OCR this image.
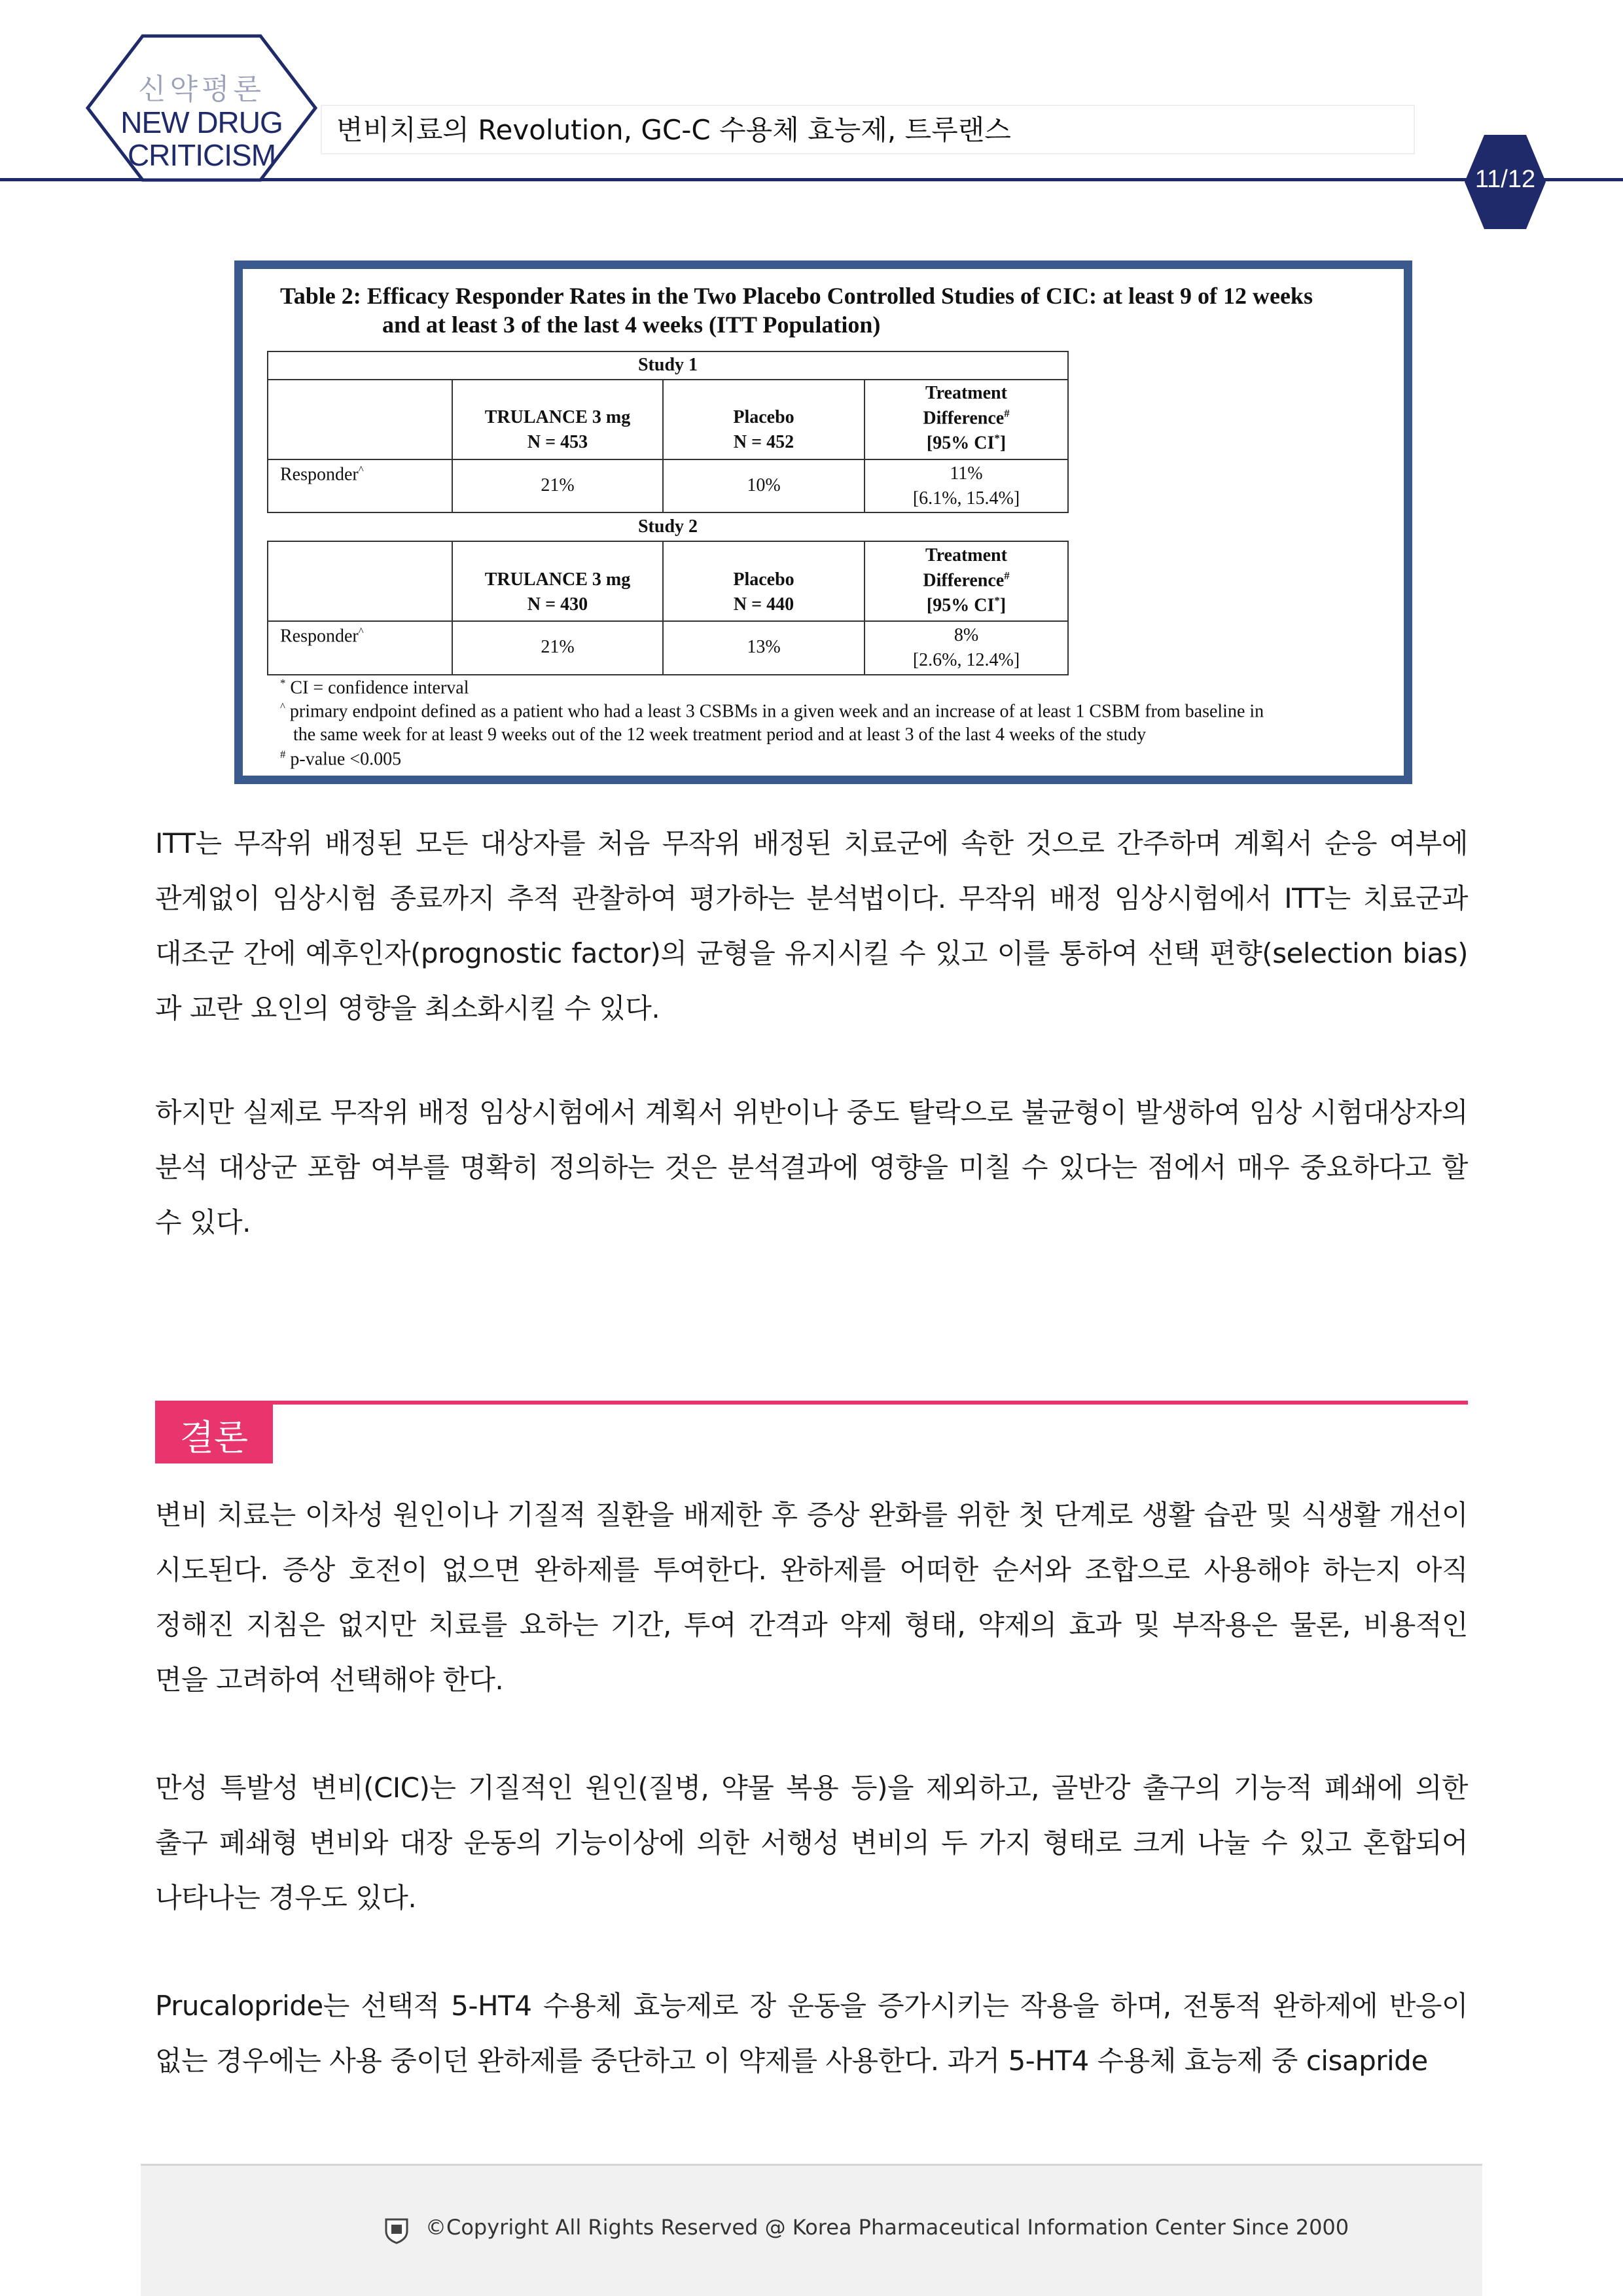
신약평론
NEW DRUG
CRITICISM
변비치료의 Revolution, GC-C 수용체 효능제, 트루랜스
11/12
Table 2: Efficacy Responder Rates in the Two Placebo Controlled Studies of CIC: at least 9 of 12 weeks
and at least 3 of the last 4 weeks (ITT Population)
Study 1
TRULANCE 3 mg
N = 453
Placebo
N = 452
Treatment
Difference#
[95% CI*]
Responder^
21%	10%
11%
[6.1%, 15.4%]
Study 2
TRULANCE 3 mg
N = 430
Placebo
N = 440
Treatment
Difference#
[95% CI*]
Responder^
21%	13%
8%
[2.6%, 12.4%]
* CI = confidence interval
^ primary endpoint defined as a patient who had a least 3 CSBMs in a given week and an increase of at least 1 CSBM from baseline in
the same week for at least 9 weeks out of the 12 week treatment period and at least 3 of the last 4 weeks of the study
# p-value <0.005
ITT는 무작위 배정된 모든 대상자를 처음 무작위 배정된 치료군에 속한 것으로 간주하며 계획서 순응 여부에 관계없이 임상시험 종료까지 추적 관찰하여 평가하는 분석법이다. 무작위 배정 임상시험에서 ITT는 치료군과 대조군 간에 예후인자(prognostic factor)의 균형을 유지시킬 수 있고 이를 통하여 선택 편향(selection bias)과 교란 요인의 영향을 최소화시킬 수 있다.
하지만 실제로 무작위 배정 임상시험에서 계획서 위반이나 중도 탈락으로 불균형이 발생하여 임상 시험대상자의 분석 대상군 포함 여부를 명확히 정의하는 것은 분석결과에 영향을 미칠 수 있다는 점에서 매우 중요하다고 할 수 있다.
결론
변비 치료는 이차성 원인이나 기질적 질환을 배제한 후 증상 완화를 위한 첫 단계로 생활 습관 및 식생활 개선이 시도된다. 증상 호전이 없으면 완하제를 투여한다. 완하제를 어떠한 순서와 조합으로 사용해야 하는지 아직 정해진 지침은 없지만 치료를 요하는 기간, 투여 간격과 약제 형태, 약제의 효과 및 부작용은 물론, 비용적인 면을 고려하여 선택해야 한다.
만성 특발성 변비(CIC)는 기질적인 원인(질병, 약물 복용 등)을 제외하고, 골반강 출구의 기능적 폐쇄에 의한 출구 폐쇄형 변비와 대장 운동의 기능이상에 의한 서행성 변비의 두 가지 형태로 크게 나눌 수 있고 혼합되어 나타나는 경우도 있다.
Prucalopride는 선택적 5-HT4 수용체 효능제로 장 운동을 증가시키는 작용을 하며, 전통적 완하제에 반응이 없는 경우에는 사용 중이던 완하제를 중단하고 이 약제를 사용한다. 과거 5-HT4 수용체 효능제 중 cisapride
©Copyright All Rights Reserved @ Korea Pharmaceutical Information Center Since 2000
